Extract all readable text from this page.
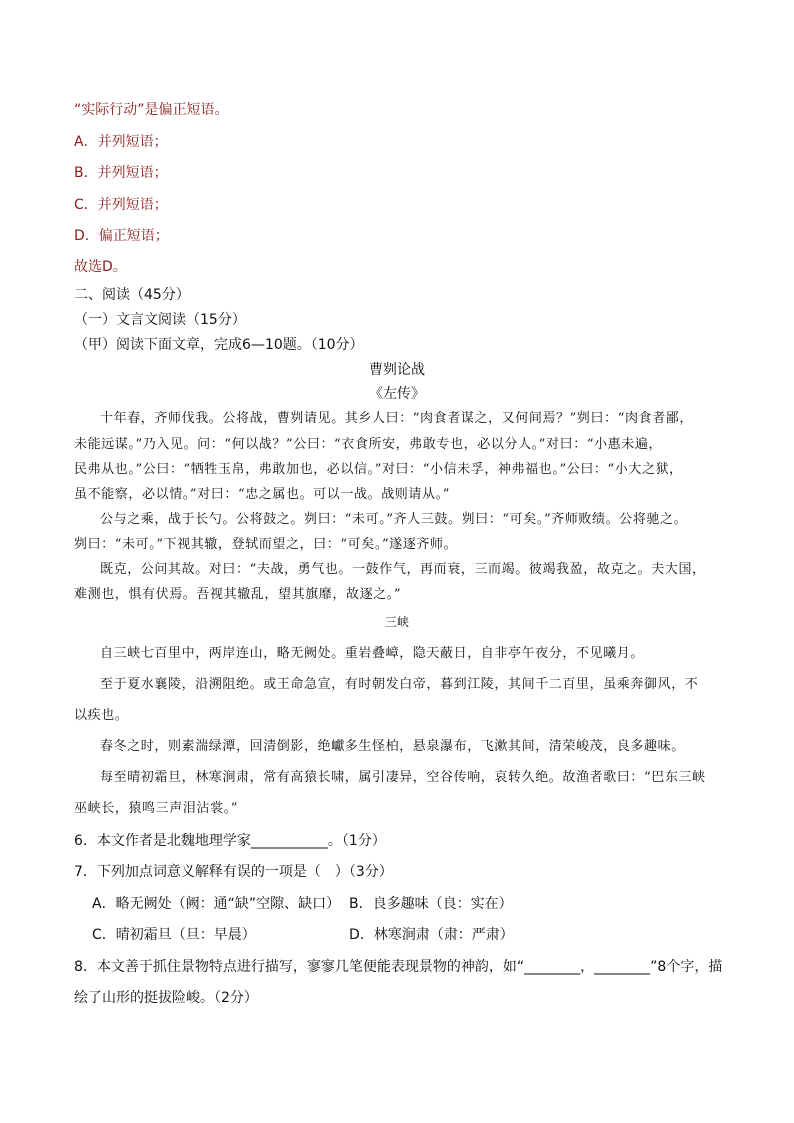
“实际行动”是偏正短语。
A．并列短语；
B．并列短语；
C．并列短语；
D．偏正短语；
故选D。
二、阅读（45分）
（一）文言文阅读（15分）
（甲）阅读下面文章，完成6—10题。（10分）
曹刿论战
《左传》
十年春，齐师伐我。公将战，曹刿请见。其乡人曰：“肉食者谋之，又何间焉？”刿曰：“肉食者鄙，
未能远谋。”乃入见。问：“何以战？”公曰：“衣食所安，弗敢专也，必以分人。”对曰：“小惠未遍，
民弗从也。”公曰：“牺牲玉帛，弗敢加也，必以信。”对曰：“小信未孚，神弗福也。”公曰：“小大之狱，
虽不能察，必以情。”对曰：“忠之属也。可以一战。战则请从。”
公与之乘，战于长勺。公将鼓之。刿曰：“未可。”齐人三鼓。刿曰：“可矣。”齐师败绩。公将驰之。
刿曰：“未可。”下视其辙，登轼而望之，曰：“可矣。”遂逐齐师。
既克，公问其故。对曰：“夫战，勇气也。一鼓作气，再而衰，三而竭。彼竭我盈，故克之。夫大国，
难测也，惧有伏焉。吾视其辙乱，望其旗靡，故逐之。”
三峡
自三峡七百里中，两岸连山，略无阙处。重岩叠嶂，隐天蔽日，自非亭午夜分，不见曦月。
至于夏水襄陵，沿溯阻绝。或王命急宣，有时朝发白帝，暮到江陵，其间千二百里，虽乘奔御风，不
以疾也。
春冬之时，则素湍绿潭，回清倒影，绝巘多生怪柏，悬泉瀑布，飞漱其间，清荣峻茂，良多趣味。
每至晴初霜旦，林寒涧肃，常有高猿长啸，属引凄异，空谷传响，哀转久绝。故渔者歌曰：“巴东三峡
巫峡长，猿鸣三声泪沾裳。”
6．本文作者是北魏地理学家___________。（1分）
7．下列加点词意义解释有误的一项是（　）（3分）
A．略无阙处（阙：通“缺”空隙、缺口） B．良多趣味（良：实在）
C．晴初霜旦（旦：早晨）	D．林寒涧肃（肃：严肃）
8．本文善于抓住景物特点进行描写，寥寥几笔便能表现景物的神韵，如“________，________”8个字，描
绘了山形的挺拔险峻。（2分）
